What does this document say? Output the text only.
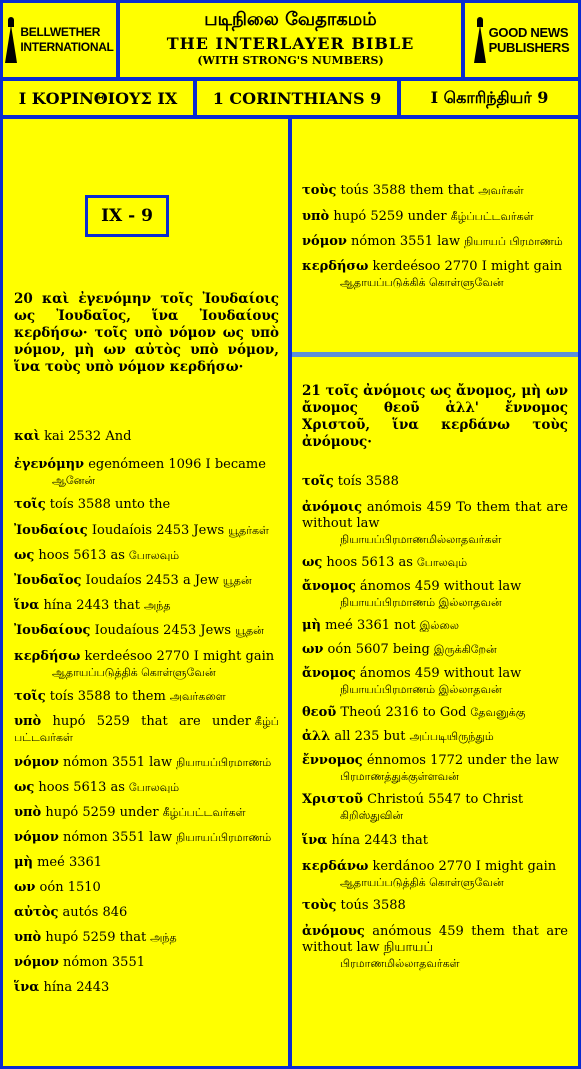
BELLWETHER
INTERNATIONAL
படிநிலை வேதாகமம்
THE INTERLAYER BIBLE
(WITH STRONG'S NUMBERS)
GOOD NEWS
PUBLISHERS
I ΚΟΡΙΝΘΙΟΥΣ IX	1 CORINTHIANS 9	I கொரிந்தியர் 9
IX - 9
20 καὶ ἐγενόμην τοῖς Ἰουδαίοις ως Ἰουδαῖος, ἵνα Ἰουδαίους κερδήσω· τοῖς υπὸ νόμον ως υπὸ νόμον, μὴ ων αὐτὸς υπὸ νόμον, ἵνα τοὺς υπὸ νόμον κερδήσω·
καὶ kai 2532 And
ἐγενόμην egenómeen 1096 I became
ஆனேன்
τοῖς toís 3588 unto the
Ἰουδαίοις Ioudaíois 2453 Jews யூதர்கள்
ως hoos 5613 as போலவும்
Ἰουδαῖος Ioudaíos 2453 a Jew யூதன்
ἵνα hína 2443 that அந்த
Ἰουδαίους Ioudaíous 2453 Jews யூதன்
κερδήσω kerdeésoo 2770 I might gain
ஆதாயப்படுத்திக் கொள்ளுவேன்
τοῖς toís 3588 to them அவர்களை
υπὸ hupó 5259 that are under கீழ்ப் பட்டவர்கள்
νόμον nómon 3551 law நியாயப்பிரமாணம்
ως hoos 5613 as போலவும்
υπὸ hupó 5259 under கீழ்ப்பட்டவர்கள்
νόμον nómon 3551 law நியாயப்பிரமாணம்
μὴ meé 3361
ων oón 1510
αὐτὸς autós 846
υπὸ hupó 5259 that அந்த
νόμον nómon 3551
ἵνα hína 2443
τοὺς toús 3588 them that அவர்கள்
υπὸ hupó 5259 under கீழ்ப்பட்டவர்கள்
νόμον nómon 3551 law நியாயப் பிரமாணம்
κερδήσω kerdeésoo 2770 I might gain
ஆதாயப்படுக்கிக் கொள்ளுவேன்
21 τοῖς ἀνόμοις ως ἄνομος, μὴ ων ἄνομος θεοῦ ἀλλ' ἔννομος Χριστοῦ, ἵνα κερδάνω τοὺς ἀνόμους·
τοῖς toís 3588
ἀνόμοις anómois 459 To them that are without law
நியாயப்பிரமாணமில்லாதவர்கள்
ως hoos 5613 as போலவும்
ἄνομος ánomos 459 without law
நியாயப்பிரமாணம் இல்லாதவன்
μὴ meé 3361 not இல்லை
ων oón 5607 being இருக்கிறேன்
ἄνομος ánomos 459 without law
நியாயப்பிரமாணம் இல்லாதவன்
θεοῦ Theoú 2316 to God தேவனுக்கு
ἀλλ all 235 but அப்படியிருந்தும்
ἔννομος énnomos 1772 under the law
பிரமாணத்துக்குள்ளவன்
Χριστοῦ Christoú 5547 to Christ
கிறிஸ்துவின்
ἵνα hína 2443 that
κερδάνω kerdánoo 2770 I might gain
ஆதாயப்படுத்திக் கொள்ளுவேன்
τοὺς toús 3588
ἀνόμους anómous 459 them that are without law நியாயப்
பிரமாணமில்லாதவர்கள்
